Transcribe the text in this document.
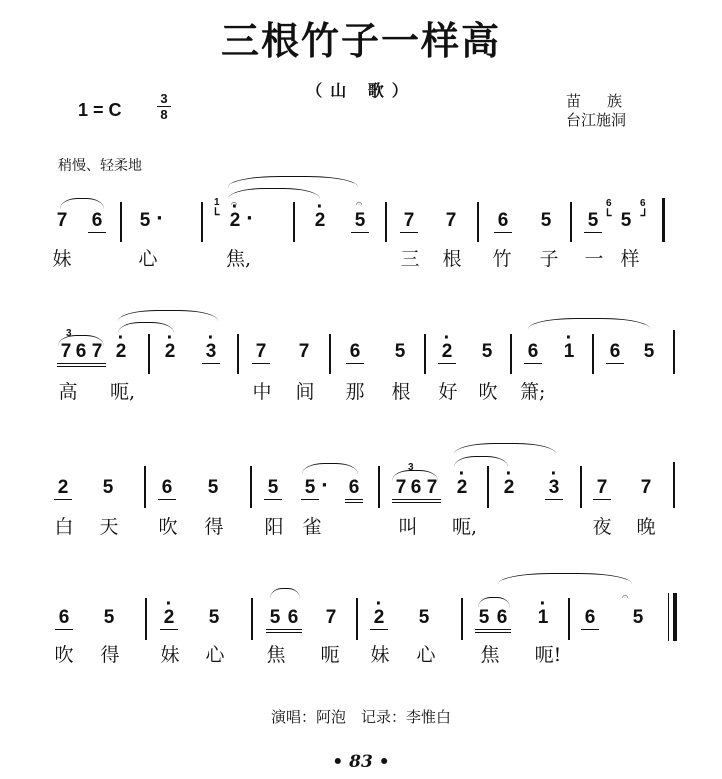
三根竹子一样高
（山 歌）
1 = C
3
8
苗族
台江施洞
稍慢、轻柔地
7 6 5 ·
1
ᒪ
𝄐
· 2 ·	· 2
𝄐
5 7 7 6 5 5
6
ᒪ 5
6
ᒧ
妹	心	焦,	三 根 竹 子 一 样
3
7 6 7 · 2 · 2 · 3 7 7 6 5 · 2 5 6 · 1 6 5
高 呃,	中 间 那 根 好 吹 箫;
3
2 5	6 5	5 5 · 6 7 6 7 · 2 · 2 · 3 7 7
白 天 吹 得 阳 雀	叫 呃,	夜 晚
𝄐
6 5	· 2 5	5 6 7 · 2 5	5 6 · 1 6 5
吹 得 妹 心 焦 呃 妹 心 焦 呃!
演唱：阿泡　记录：李惟白
• 83 •
